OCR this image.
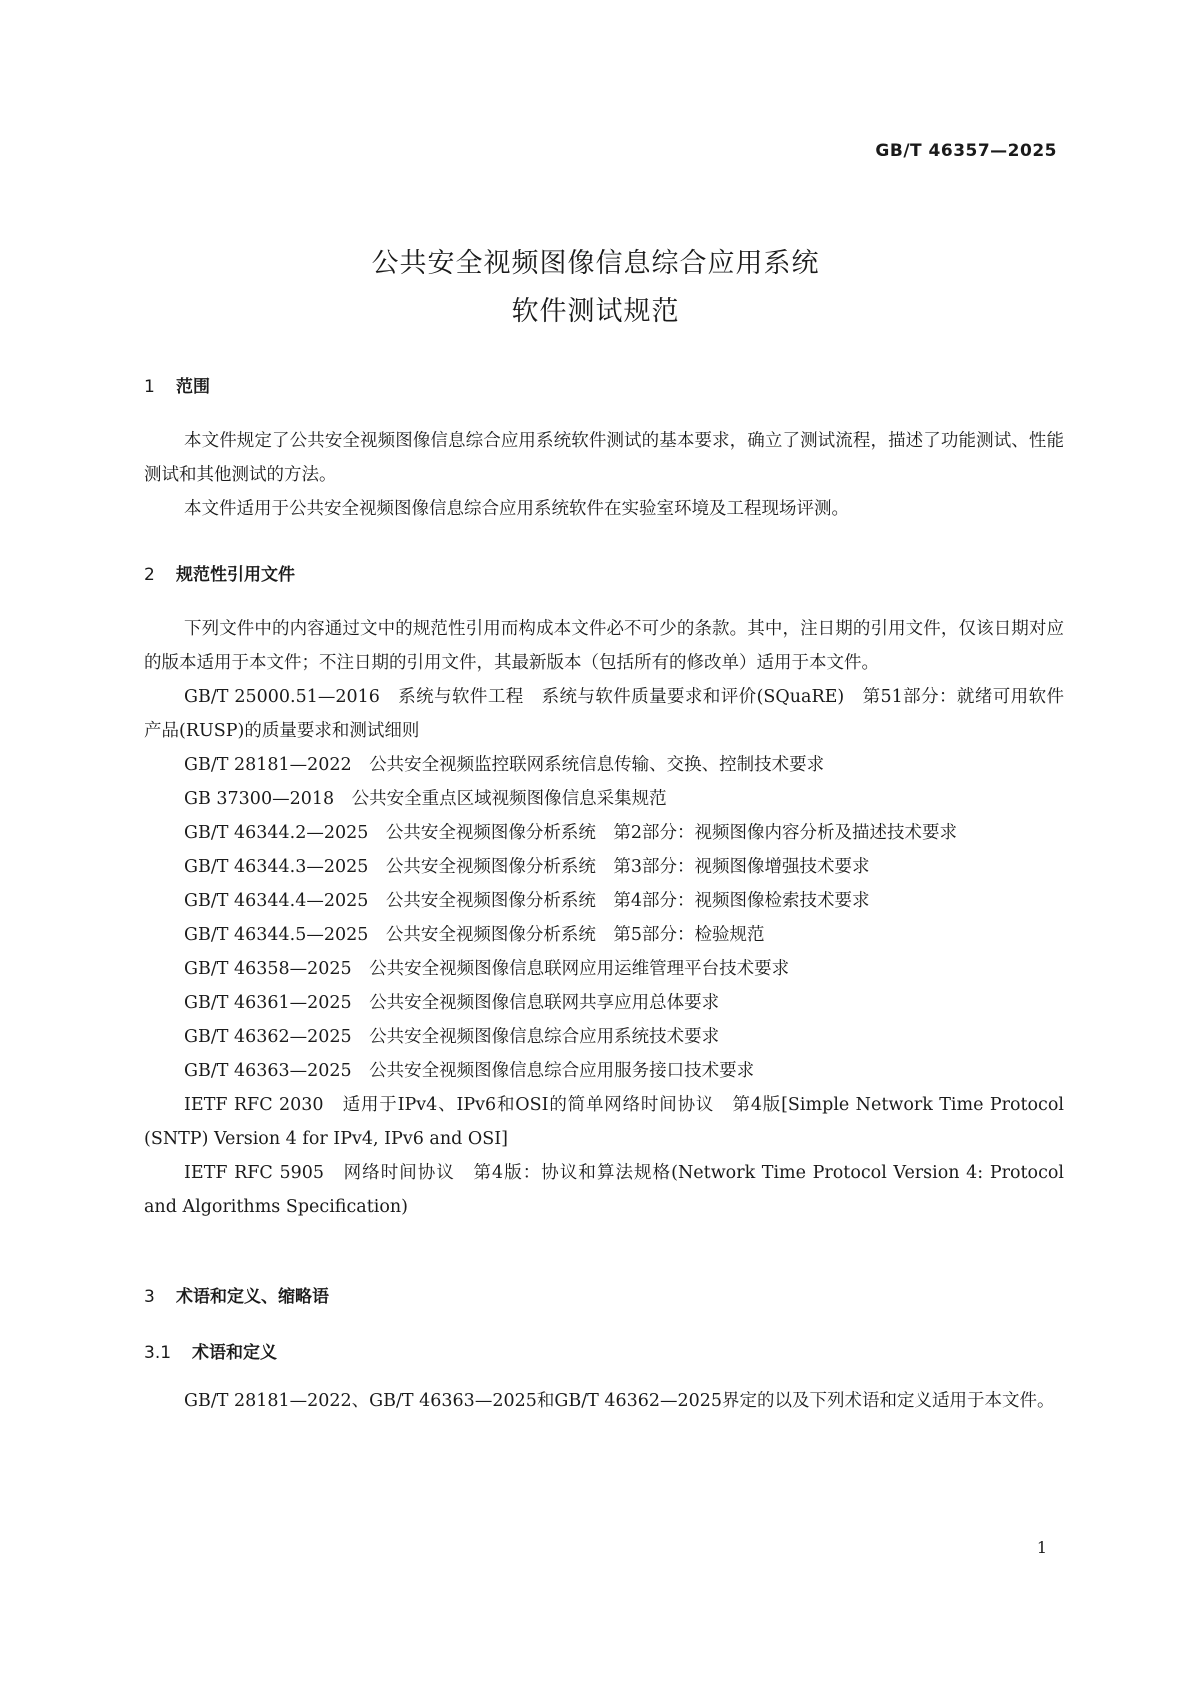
GB/T 46357—2025
公共安全视频图像信息综合应用系统
软件测试规范
1 范围

本文件规定了公共安全视频图像信息综合应用系统软件测试的基本要求，确立了测试流程，描述了功能测试、性能测试和其他测试的方法。

本文件适用于公共安全视频图像信息综合应用系统软件在实验室环境及工程现场评测。

2 规范性引用文件

下列文件中的内容通过文中的规范性引用而构成本文件必不可少的条款。其中，注日期的引用文件，仅该日期对应的版本适用于本文件；不注日期的引用文件，其最新版本（包括所有的修改单）适用于本文件。

GB/T 25000.51—2016　系统与软件工程　系统与软件质量要求和评价(SQuaRE)　第51部分：就绪可用软件产品(RUSP)的质量要求和测试细则

GB/T 28181—2022　公共安全视频监控联网系统信息传输、交换、控制技术要求

GB 37300—2018　公共安全重点区域视频图像信息采集规范

GB/T 46344.2—2025　公共安全视频图像分析系统　第2部分：视频图像内容分析及描述技术要求

GB/T 46344.3—2025　公共安全视频图像分析系统　第3部分：视频图像增强技术要求

GB/T 46344.4—2025　公共安全视频图像分析系统　第4部分：视频图像检索技术要求

GB/T 46344.5—2025　公共安全视频图像分析系统　第5部分：检验规范

GB/T 46358—2025　公共安全视频图像信息联网应用运维管理平台技术要求

GB/T 46361—2025　公共安全视频图像信息联网共享应用总体要求

GB/T 46362—2025　公共安全视频图像信息综合应用系统技术要求

GB/T 46363—2025　公共安全视频图像信息综合应用服务接口技术要求

IETF RFC 2030　适用于IPv4、IPv6和OSI的简单网络时间协议　第4版[Simple Network Time Protocol (SNTP) Version 4 for IPv4, IPv6 and OSI]

IETF RFC 5905　网络时间协议　第4版：协议和算法规格(Network Time Protocol Version 4: Protocol and Algorithms Specification)

3 术语和定义、缩略语
3.1 术语和定义

GB/T 28181—2022、GB/T 46363—2025和GB/T 46362—2025界定的以及下列术语和定义适用于本文件。

1
